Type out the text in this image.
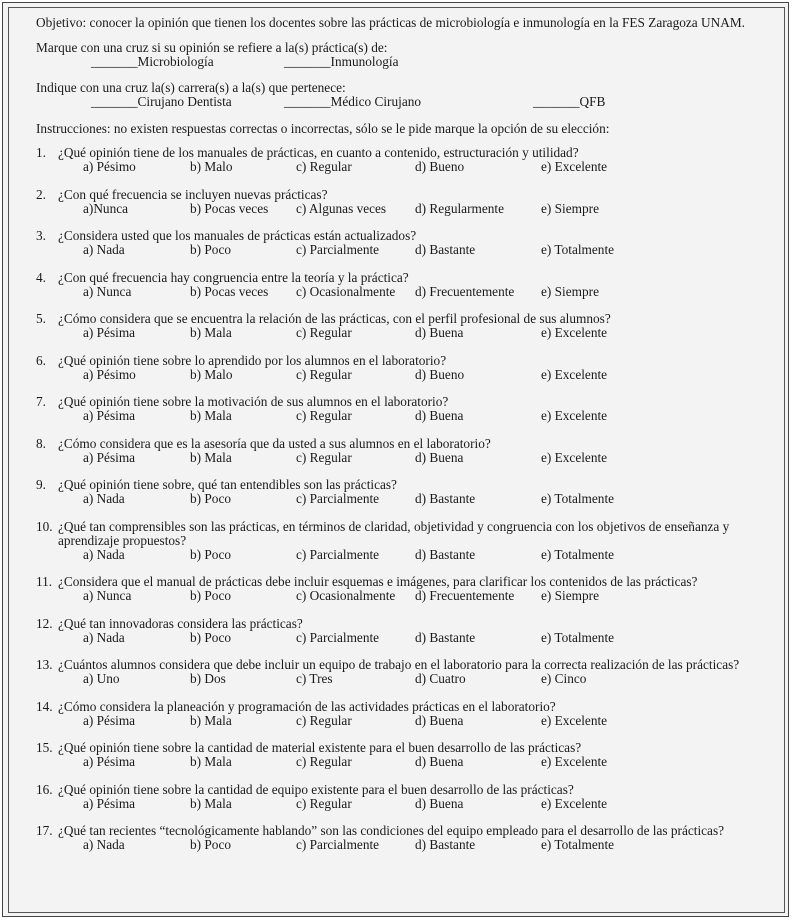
Objetivo: conocer la opinión que tienen los docentes sobre las prácticas de microbiología e inmunología en la FES Zaragoza UNAM.

Marque con una cruz si su opinión se refiere a la(s) práctica(s) de:

_______Microbiología	_______Inmunología

Indique con una cruz la(s) carrera(s) a la(s) que pertenece:

_______Cirujano Dentista	_______Médico Cirujano	_______QFB

Instrucciones: no existen respuestas correctas o incorrectas, sólo se le pide marque la opción de su elección:

1. ¿Qué opinión tiene de los manuales de prácticas, en cuanto a contenido, estructuración y utilidad?
a) Pésimo	b) Malo	c) Regular	d) Bueno	e) Excelente
2. ¿Con qué frecuencia se incluyen nuevas prácticas?
a)Nunca	b) Pocas veces c) Algunas veces d) Regularmente	e) Siempre
3. ¿Considera usted que los manuales de prácticas están actualizados?
a) Nada	b) Poco	c) Parcialmente	d) Bastante	e) Totalmente
4. ¿Con qué frecuencia hay congruencia entre la teoría y la práctica?
a) Nunca	b) Pocas veces c) Ocasionalmente d) Frecuentemente e) Siempre
5. ¿Cómo considera que se encuentra la relación de las prácticas, con el perfil profesional de sus alumnos?
a) Pésima	b) Mala	c) Regular	d) Buena	e) Excelente
6. ¿Qué opinión tiene sobre lo aprendido por los alumnos en el laboratorio?
a) Pésimo	b) Malo	c) Regular	d) Bueno	e) Excelente
7. ¿Qué opinión tiene sobre la motivación de sus alumnos en el laboratorio?
a) Pésima	b) Mala	c) Regular	d) Buena	e) Excelente
8. ¿Cómo considera que es la asesoría que da usted a sus alumnos en el laboratorio?
a) Pésima	b) Mala	c) Regular	d) Buena	e) Excelente
9. ¿Qué opinión tiene sobre, qué tan entendibles son las prácticas?
a) Nada	b) Poco	c) Parcialmente	d) Bastante	e) Totalmente
10. ¿Qué tan comprensibles son las prácticas, en términos de claridad, objetividad y congruencia con los objetivos de enseñanza y aprendizaje propuestos?
a) Nada	b) Poco	c) Parcialmente	d) Bastante	e) Totalmente
11. ¿Considera que el manual de prácticas debe incluir esquemas e imágenes, para clarificar los contenidos de las prácticas?
a) Nunca	b) Poco	c) Ocasionalmente d) Frecuentemente e) Siempre
12. ¿Qué tan innovadoras considera las prácticas?
a) Nada	b) Poco	c) Parcialmente	d) Bastante	e) Totalmente
13. ¿Cuántos alumnos considera que debe incluir un equipo de trabajo en el laboratorio para la correcta realización de las prácticas?
a) Uno	b) Dos	c) Tres	d) Cuatro	e) Cinco
14. ¿Cómo considera la planeación y programación de las actividades prácticas en el laboratorio?
a) Pésima	b) Mala	c) Regular	d) Buena	e) Excelente
15. ¿Qué opinión tiene sobre la cantidad de material existente para el buen desarrollo de las prácticas?
a) Pésima	b) Mala	c) Regular	d) Buena	e) Excelente
16. ¿Qué opinión tiene sobre la cantidad de equipo existente para el buen desarrollo de las prácticas?
a) Pésima	b) Mala	c) Regular	d) Buena	e) Excelente
17. ¿Qué tan recientes “tecnológicamente hablando” son las condiciones del equipo empleado para el desarrollo de las prácticas?
a) Nada	b) Poco	c) Parcialmente	d) Bastante	e) Totalmente
